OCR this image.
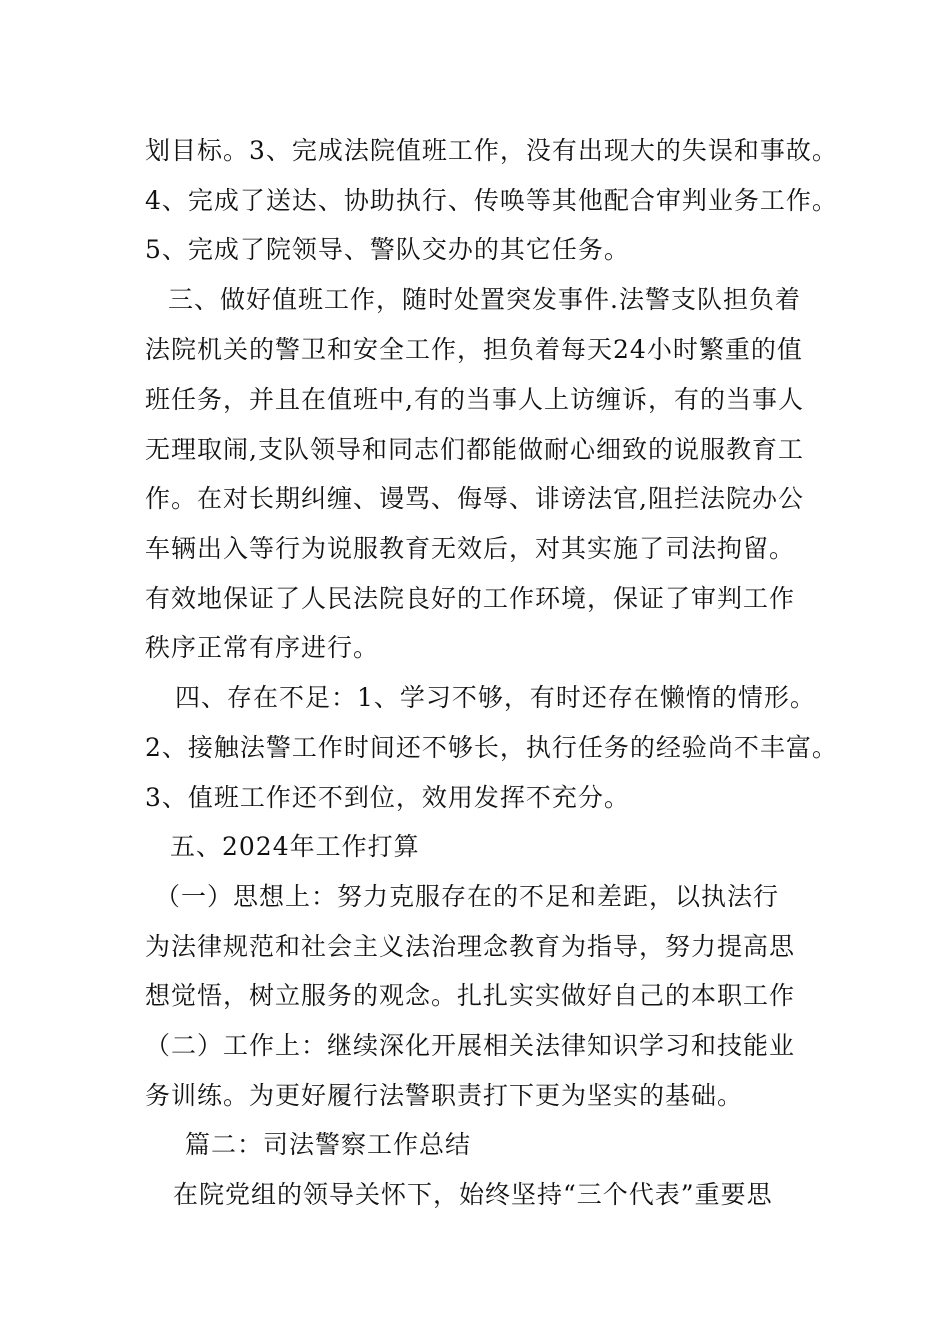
划目标。3、完成法院值班工作，没有出现大的失误和事故。
4、完成了送达、协助执行、传唤等其他配合审判业务工作。
5、完成了院领导、警队交办的其它任务。
三、做好值班工作，随时处置突发事件.法警支队担负着
法院机关的警卫和安全工作，担负着每天24小时繁重的值
班任务，并且在值班中,有的当事人上访缠诉，有的当事人
无理取闹,支队领导和同志们都能做耐心细致的说服教育工
作。在对长期纠缠、谩骂、侮辱、诽谤法官,阻拦法院办公
车辆出入等行为说服教育无效后，对其实施了司法拘留。
有效地保证了人民法院良好的工作环境，保证了审判工作
秩序正常有序进行。
四、存在不足：1、学习不够，有时还存在懒惰的情形。
2、接触法警工作时间还不够长，执行任务的经验尚不丰富。
3、值班工作还不到位，效用发挥不充分。
五、2024年工作打算
（一）思想上：努力克服存在的不足和差距，以执法行
为法律规范和社会主义法治理念教育为指导，努力提高思
想觉悟，树立服务的观念。扎扎实实做好自己的本职工作
（二）工作上：继续深化开展相关法律知识学习和技能业
务训练。为更好履行法警职责打下更为坚实的基础。
篇二：司法警察工作总结
在院党组的领导关怀下，始终坚持“三个代表”重要思
